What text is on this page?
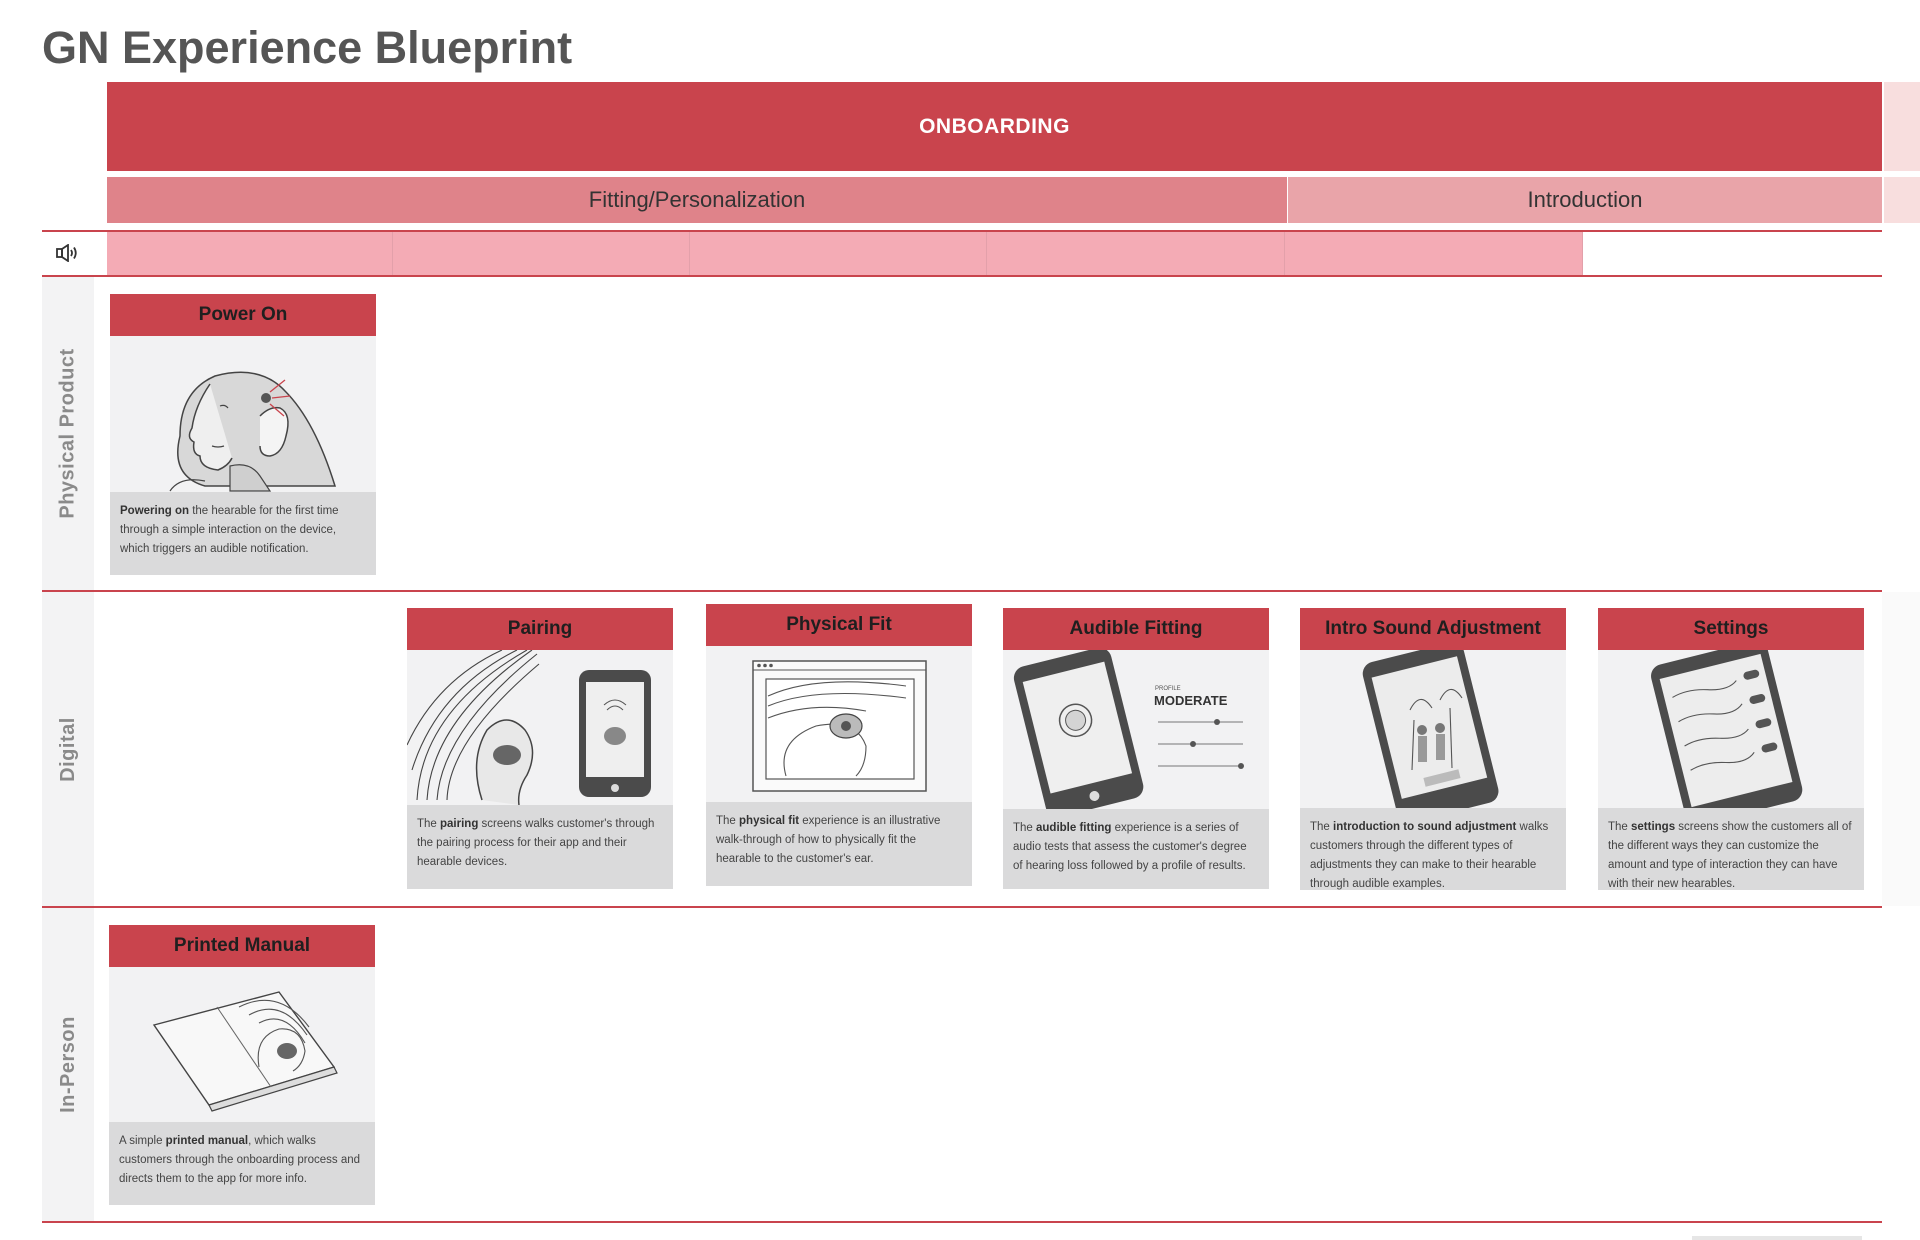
GN Experience Blueprint
ONBOARDING
Fitting/Personalization	Introduction
Physical Product
Digital
In-Person
Power On
Powering on the hearable for the first time through a simple interaction on the device, which triggers an audible notification.
Pairing
The pairing screens walks customer's through the pairing process for their app and their hearable devices.
Physical Fit
The physical fit experience is an illustrative walk-through of how to physically fit the hearable to the customer's ear.
Audible Fitting
PROFILE
MODERATE
The audible fitting experience is a series of audio tests that assess the customer's degree of hearing loss followed by a profile of results.
Intro Sound Adjustment
The introduction to sound adjustment walks customers through the different types of adjustments they can make to their hearable through audible examples.
Settings
The settings screens show the customers all of the different ways they can customize the amount and type of interaction they can have with their new hearables.
Printed Manual
A simple printed manual, which walks customers through the onboarding process and directs them to the app for more info.
